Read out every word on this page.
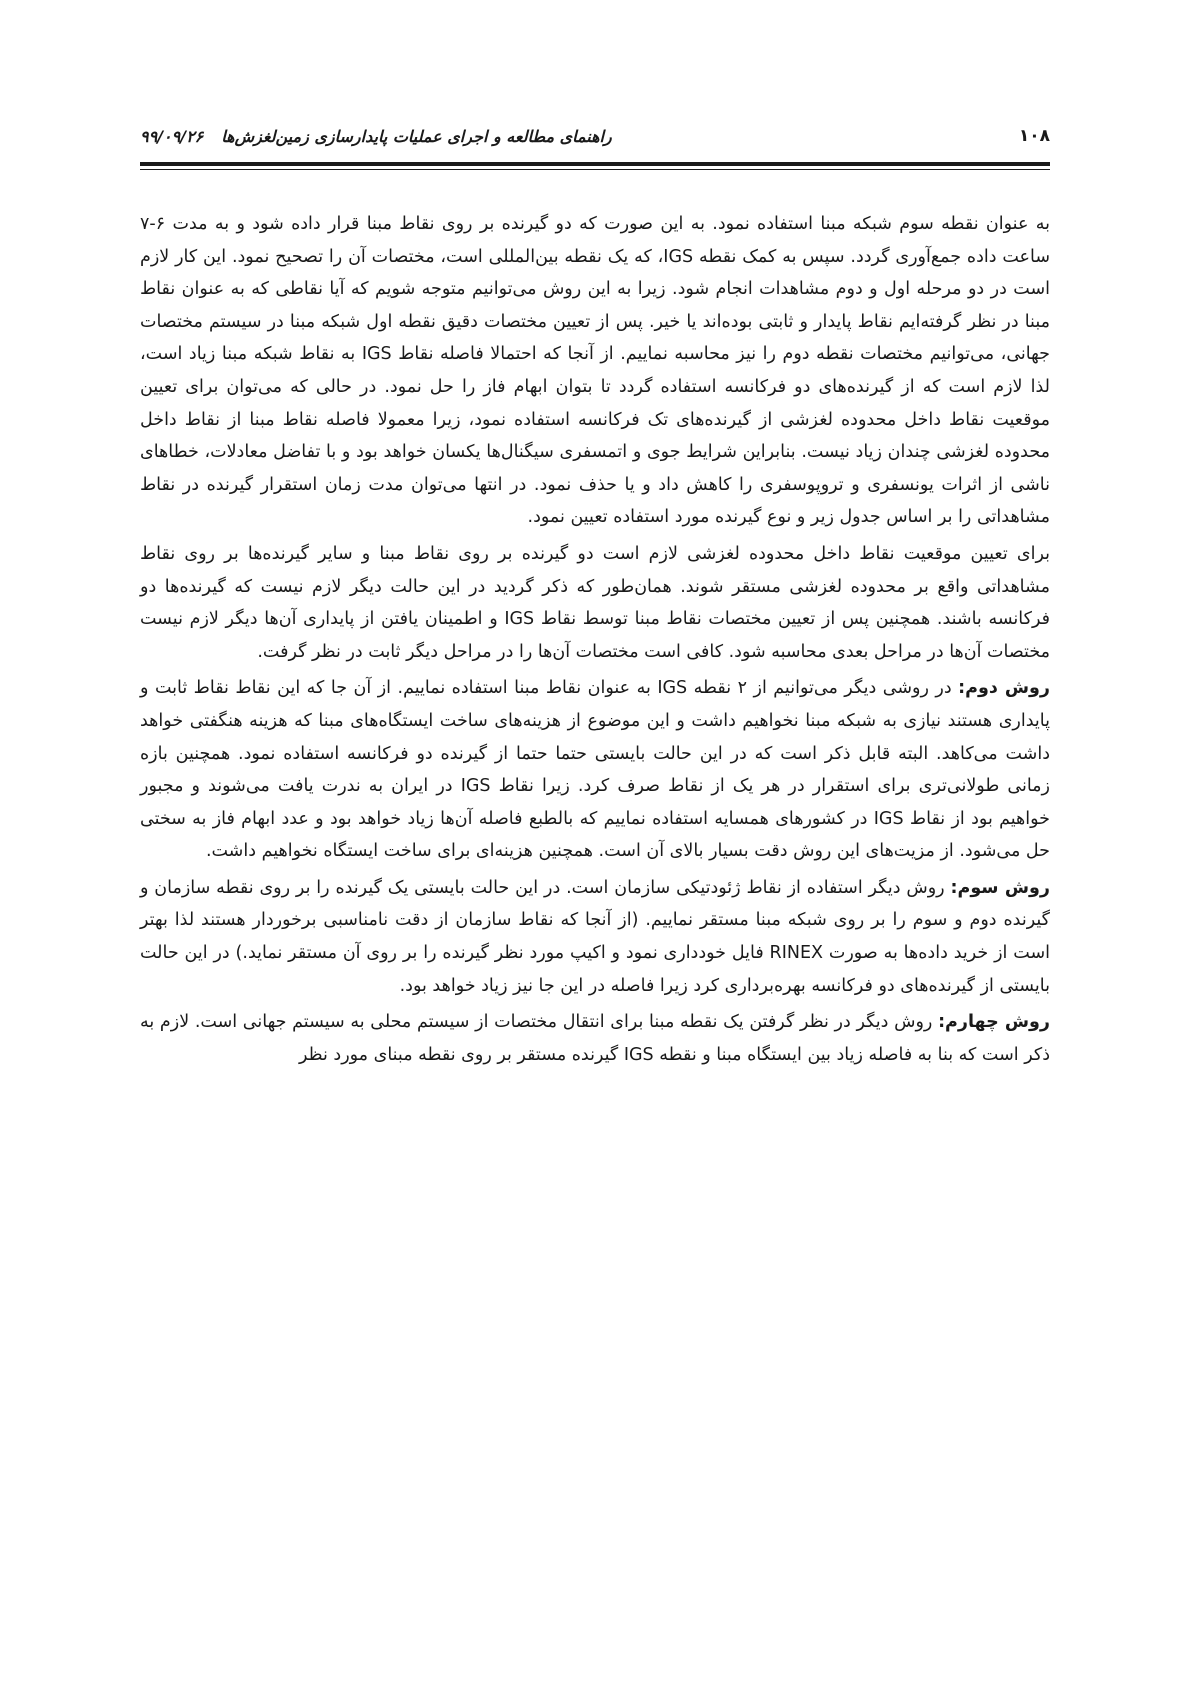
۱۰۸
راهنمای مطالعه و اجرای عملیات پایدارسازی زمین‌لغزش‌ها
۹۹/۰۹/۲۶

به عنوان نقطه سوم شبکه مبنا استفاده نمود. به این صورت که دو گیرنده بر روی نقاط مبنا قرار داده شود و به مدت ۶-۷ ساعت داده جمع‌آوری گردد. سپس به کمک نقطه IGS، که یک نقطه بین‌المللی است، مختصات آن را تصحیح نمود. این کار لازم است در دو مرحله اول و دوم مشاهدات انجام شود. زیرا به این روش می‌توانیم متوجه شویم که آیا نقاطی که به عنوان نقاط مبنا در نظر گرفته‌ایم نقاط پایدار و ثابتی بوده‌اند یا خیر. پس از تعیین مختصات دقیق نقطه اول شبکه مبنا در سیستم مختصات جهانی، می‌توانیم مختصات نقطه دوم را نیز محاسبه نماییم. از آنجا که احتمالا فاصله نقاط IGS به نقاط شبکه مبنا زیاد است، لذا لازم است که از گیرنده‌های دو فرکانسه استفاده گردد تا بتوان ابهام فاز را حل نمود. در حالی که می‌توان برای تعیین موقعیت نقاط داخل محدوده لغزشی از گیرنده‌های تک فرکانسه استفاده نمود، زیرا معمولا فاصله نقاط مبنا از نقاط داخل محدوده لغزشی چندان زیاد نیست. بنابراین شرایط جوی و اتمسفری سیگنال‌ها یکسان خواهد بود و با تفاضل معادلات، خطاهای ناشی از اثرات یونسفری و تروپوسفری را کاهش داد و یا حذف نمود. در انتها می‌توان مدت زمان استقرار گیرنده در نقاط مشاهداتی را بر اساس جدول زیر و نوع گیرنده مورد استفاده تعیین نمود.

برای تعیین موقعیت نقاط داخل محدوده لغزشی لازم است دو گیرنده بر روی نقاط مبنا و سایر گیرنده‌ها بر روی نقاط مشاهداتی واقع بر محدوده لغزشی مستقر شوند. همان‌طور که ذکر گردید در این حالت دیگر لازم نیست که گیرنده‌ها دو فرکانسه باشند. همچنین پس از تعیین مختصات نقاط مبنا توسط نقاط IGS و اطمینان یافتن از پایداری آن‌ها دیگر لازم نیست مختصات آن‌ها در مراحل بعدی محاسبه شود. کافی است مختصات آن‌ها را در مراحل دیگر ثابت در نظر گرفت.

روش دوم: در روشی دیگر می‌توانیم از ۲ نقطه IGS به عنوان نقاط مبنا استفاده نماییم. از آن جا که این نقاط نقاط ثابت و پایداری هستند نیازی به شبکه مبنا نخواهیم داشت و این موضوع از هزینه‌های ساخت ایستگاه‌های مبنا که هزینه هنگفتی خواهد داشت می‌کاهد. البته قابل ذکر است که در این حالت بایستی حتما حتما از گیرنده دو فرکانسه استفاده نمود. همچنین بازه زمانی طولانی‌تری برای استقرار در هر یک از نقاط صرف کرد. زیرا نقاط IGS در ایران به ندرت یافت می‌شوند و مجبور خواهیم بود از نقاط IGS در کشورهای همسایه استفاده نماییم که بالطبع فاصله آن‌ها زیاد خواهد بود و عدد ابهام فاز به سختی حل می‌شود. از مزیت‌های این روش دقت بسیار بالای آن است. همچنین هزینه‌ای برای ساخت ایستگاه نخواهیم داشت.

روش سوم: روش دیگر استفاده از نقاط ژئودتیکی سازمان است. در این حالت بایستی یک گیرنده را بر روی نقطه سازمان و گیرنده دوم و سوم را بر روی شبکه مبنا مستقر نماییم. (از آنجا که نقاط سازمان از دقت نامناسبی برخوردار هستند لذا بهتر است از خرید داده‌ها به صورت RINEX فایل خودداری نمود و اکیپ مورد نظر گیرنده را بر روی آن مستقر نماید.) در این حالت بایستی از گیرنده‌های دو فرکانسه بهره‌برداری کرد زیرا فاصله در این جا نیز زیاد خواهد بود.

روش چهارم: روش دیگر در نظر گرفتن یک نقطه مبنا برای انتقال مختصات از سیستم محلی به سیستم جهانی است. لازم به ذکر است که بنا به فاصله زیاد بین ایستگاه مبنا و نقطه IGS گیرنده مستقر بر روی نقطه مبنای مورد نظر
